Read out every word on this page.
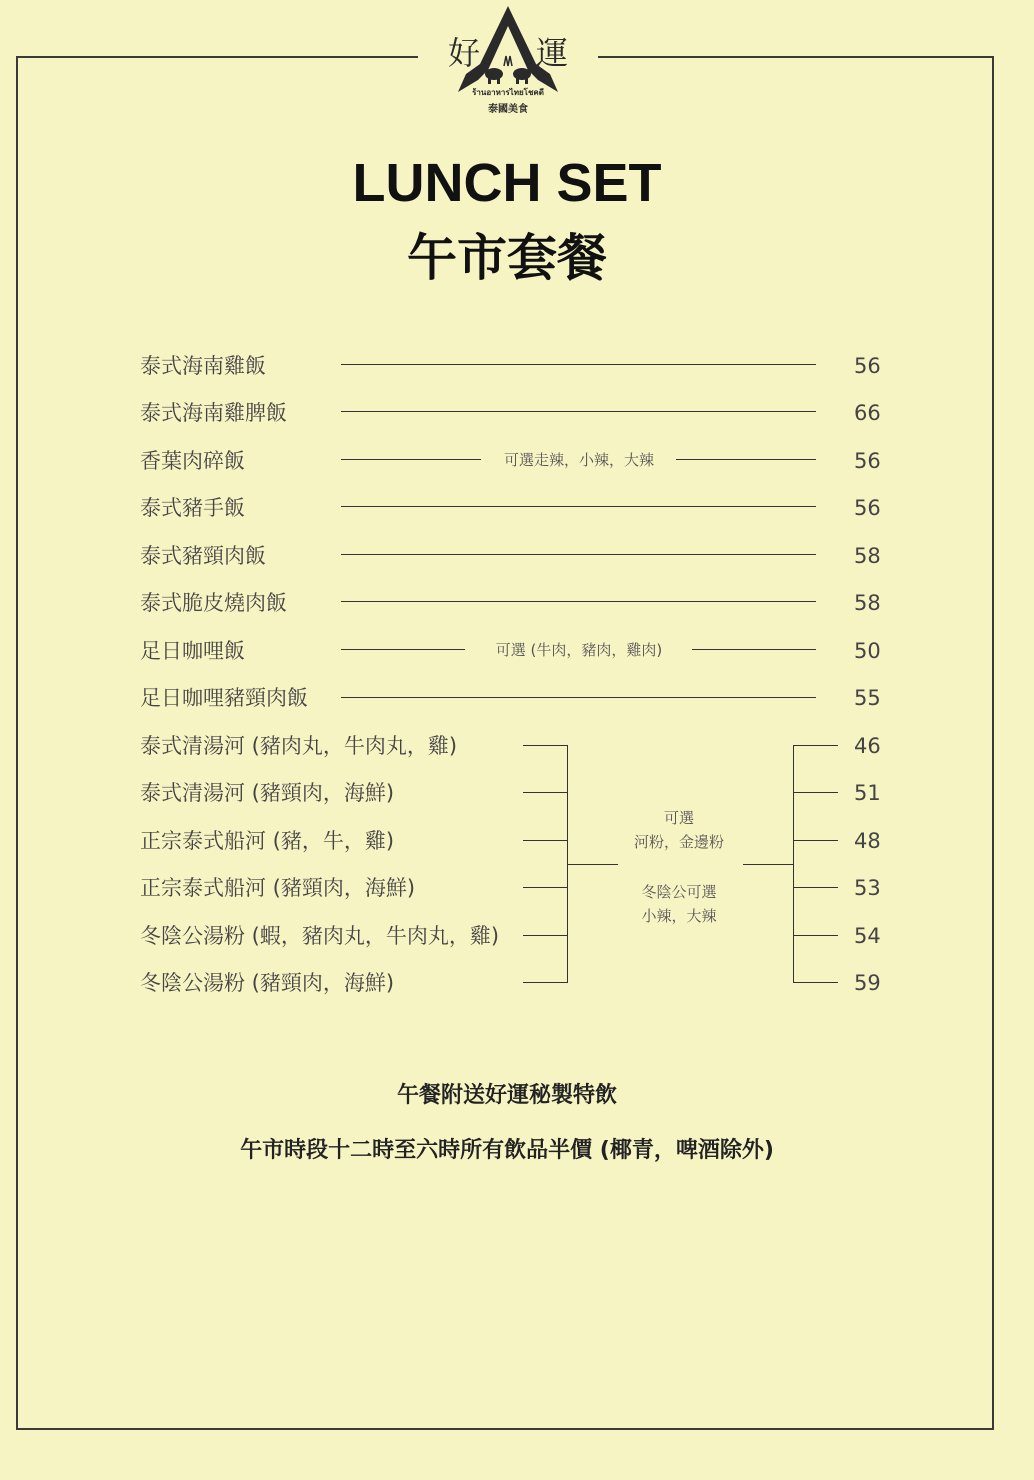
好 運
ร้านอาหารไทยโชคดี
泰國美食
LUNCH SET
午市套餐
泰式海南雞飯	56
泰式海南雞脾飯	66
香葉肉碎飯	可選走辣，小辣，大辣	56
泰式豬手飯	56
泰式豬頸肉飯	58
泰式脆皮燒肉飯	58
足日咖哩飯	可選 (牛肉，豬肉，雞肉)	50
足日咖哩豬頸肉飯	55
泰式清湯河 (豬肉丸，牛肉丸，雞)	46
泰式清湯河 (豬頸肉，海鮮)	51
正宗泰式船河 (豬，牛，雞)	48
正宗泰式船河 (豬頸肉，海鮮)	53
冬陰公湯粉 (蝦，豬肉丸，牛肉丸，雞)	54
冬陰公湯粉 (豬頸肉，海鮮)	59
可選
河粉，金邊粉
冬陰公可選
小辣，大辣
午餐附送好運秘製特飲
午市時段十二時至六時所有飲品半價 (椰青，啤酒除外)
